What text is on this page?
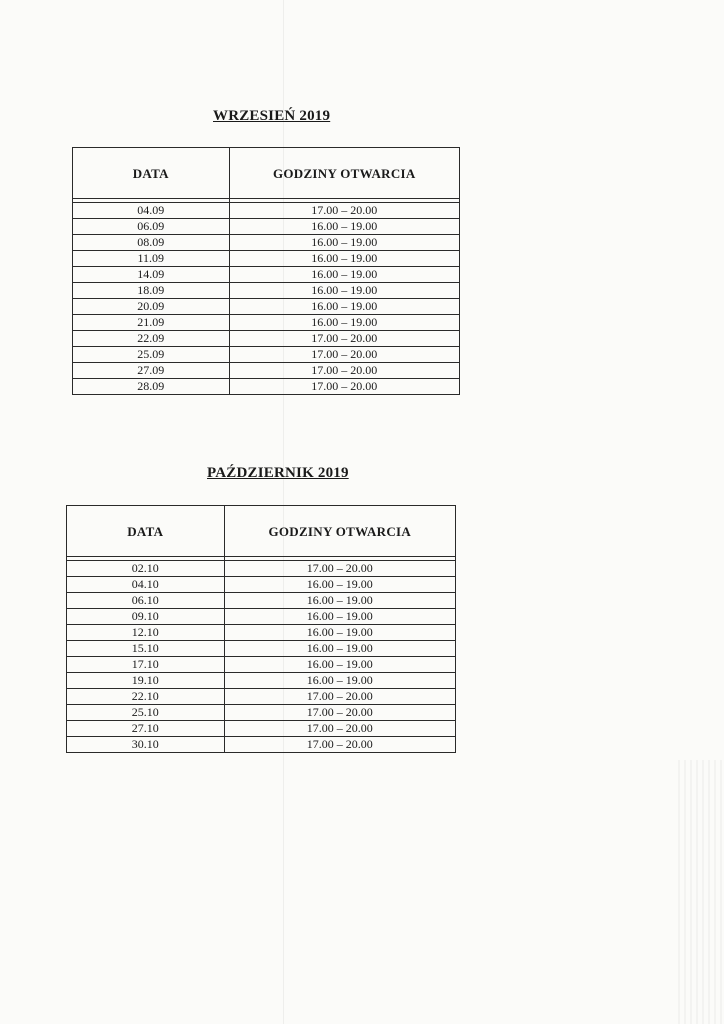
WRZESIEŃ 2019
DATA	GODZINY OTWARCIA

04.09	17.00 – 20.00
06.09	16.00 – 19.00
08.09	16.00 – 19.00
11.09	16.00 – 19.00
14.09	16.00 – 19.00
18.09	16.00 – 19.00
20.09	16.00 – 19.00
21.09	16.00 – 19.00
22.09	17.00 – 20.00
25.09	17.00 – 20.00
27.09	17.00 – 20.00
28.09	17.00 – 20.00
PAŹDZIERNIK 2019
DATA	GODZINY OTWARCIA

02.10	17.00 – 20.00
04.10	16.00 – 19.00
06.10	16.00 – 19.00
09.10	16.00 – 19.00
12.10	16.00 – 19.00
15.10	16.00 – 19.00
17.10	16.00 – 19.00
19.10	16.00 – 19.00
22.10	17.00 – 20.00
25.10	17.00 – 20.00
27.10	17.00 – 20.00
30.10	17.00 – 20.00
